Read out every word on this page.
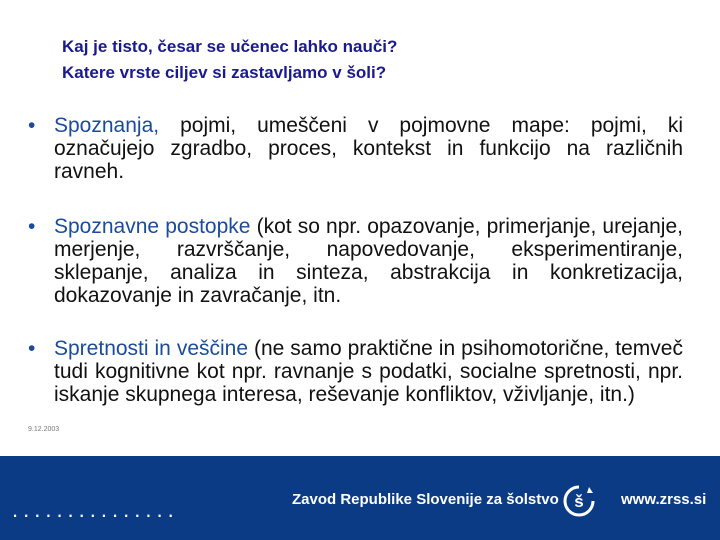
Kaj je tisto, česar se učenec lahko nauči?
Katere vrste ciljev si zastavljamo v šoli?
• Spoznanja, pojmi, umeščeni v pojmovne mape: pojmi, ki označujejo zgradbo, proces, kontekst in funkcijo na različnih ravneh.
• Spoznavne postopke (kot so npr. opazovanje, primerjanje, urejanje, merjenje, razvrščanje, napovedovanje, eksperimentiranje, sklepanje, analiza in sinteza, abstrakcija in konkretizacija, dokazovanje in zavračanje, itn.
• Spretnosti in veščine (ne samo praktične in psihomotorične, temveč tudi kognitivne kot npr. ravnanje s podatki, socialne spretnosti, npr. iskanje skupnega interesa, reševanje konfliktov, vživljanje, itn.)
9.12.2003
...............	Zavod Republike Slovenije za šolstvo š www.zrss.si
